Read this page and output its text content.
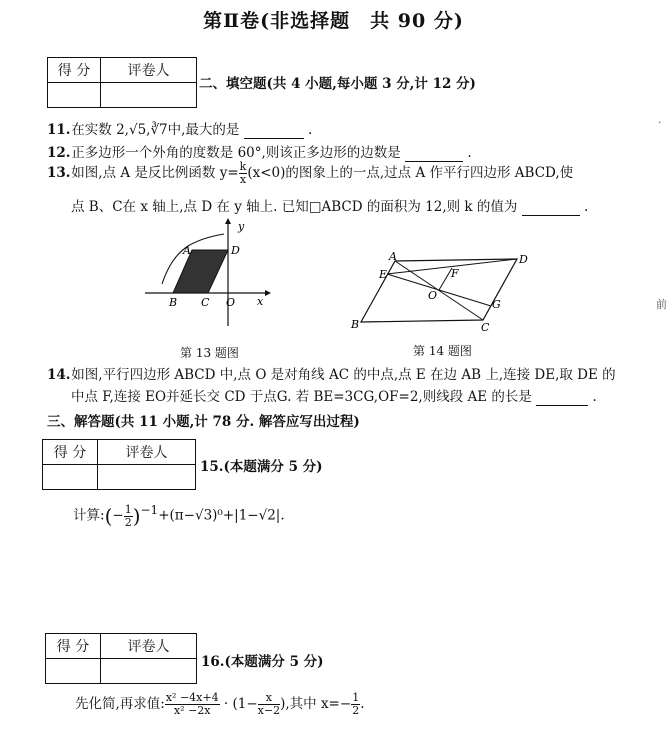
第Ⅱ卷(非选择题　共 90 分)
得 分	评卷人

二、填空题(共 4 小题,每小题 3 分,计 12 分)
11. 在实数 2,√5,∛7中,最大的是	.
12. 正多边形一个外角的度数是 60°,则该正多边形的边数是	.
13. 如图,点 A 是反比例函数 $y= \frac{k}{x} (x<0)$的图象上的一点,过点 A 作平行四边形 ABCD,使
点 B、C在 x 轴上,点 D 在 y 轴上. 已知□ABCD 的面积为 12,则 k 的值为	.
y
A	D
B C O x
第 13 题图
A	D
E	F
O
G
B	C
第 14 题图
14. 如图,平行四边形 ABCD 中,点 O 是对角线 AC 的中点,点 E 在边 AB 上,连接 DE,取 DE 的
中点 F,连接 EO并延长交 CD 于点G. 若 BE=3CG,OF=2,则线段 AE 的长是	.
三、解答题(共 11 小题,计 78 分. 解答应写出过程)
得 分	评卷人

15.(本题满分 5 分)
计算:(− $\frac{1}{2} )^{-1}+(\pi-√3)^0+|1-√2|$.
得 分	评卷人

16.(本题满分 5 分)
先化简,再求值: $\frac{\text{x² −4x+4}}{\text{x² −2x}} \cdot (1- \frac{x}{x-2}$ ),其中 $x=- \frac{1}{2}$ .
·
前
